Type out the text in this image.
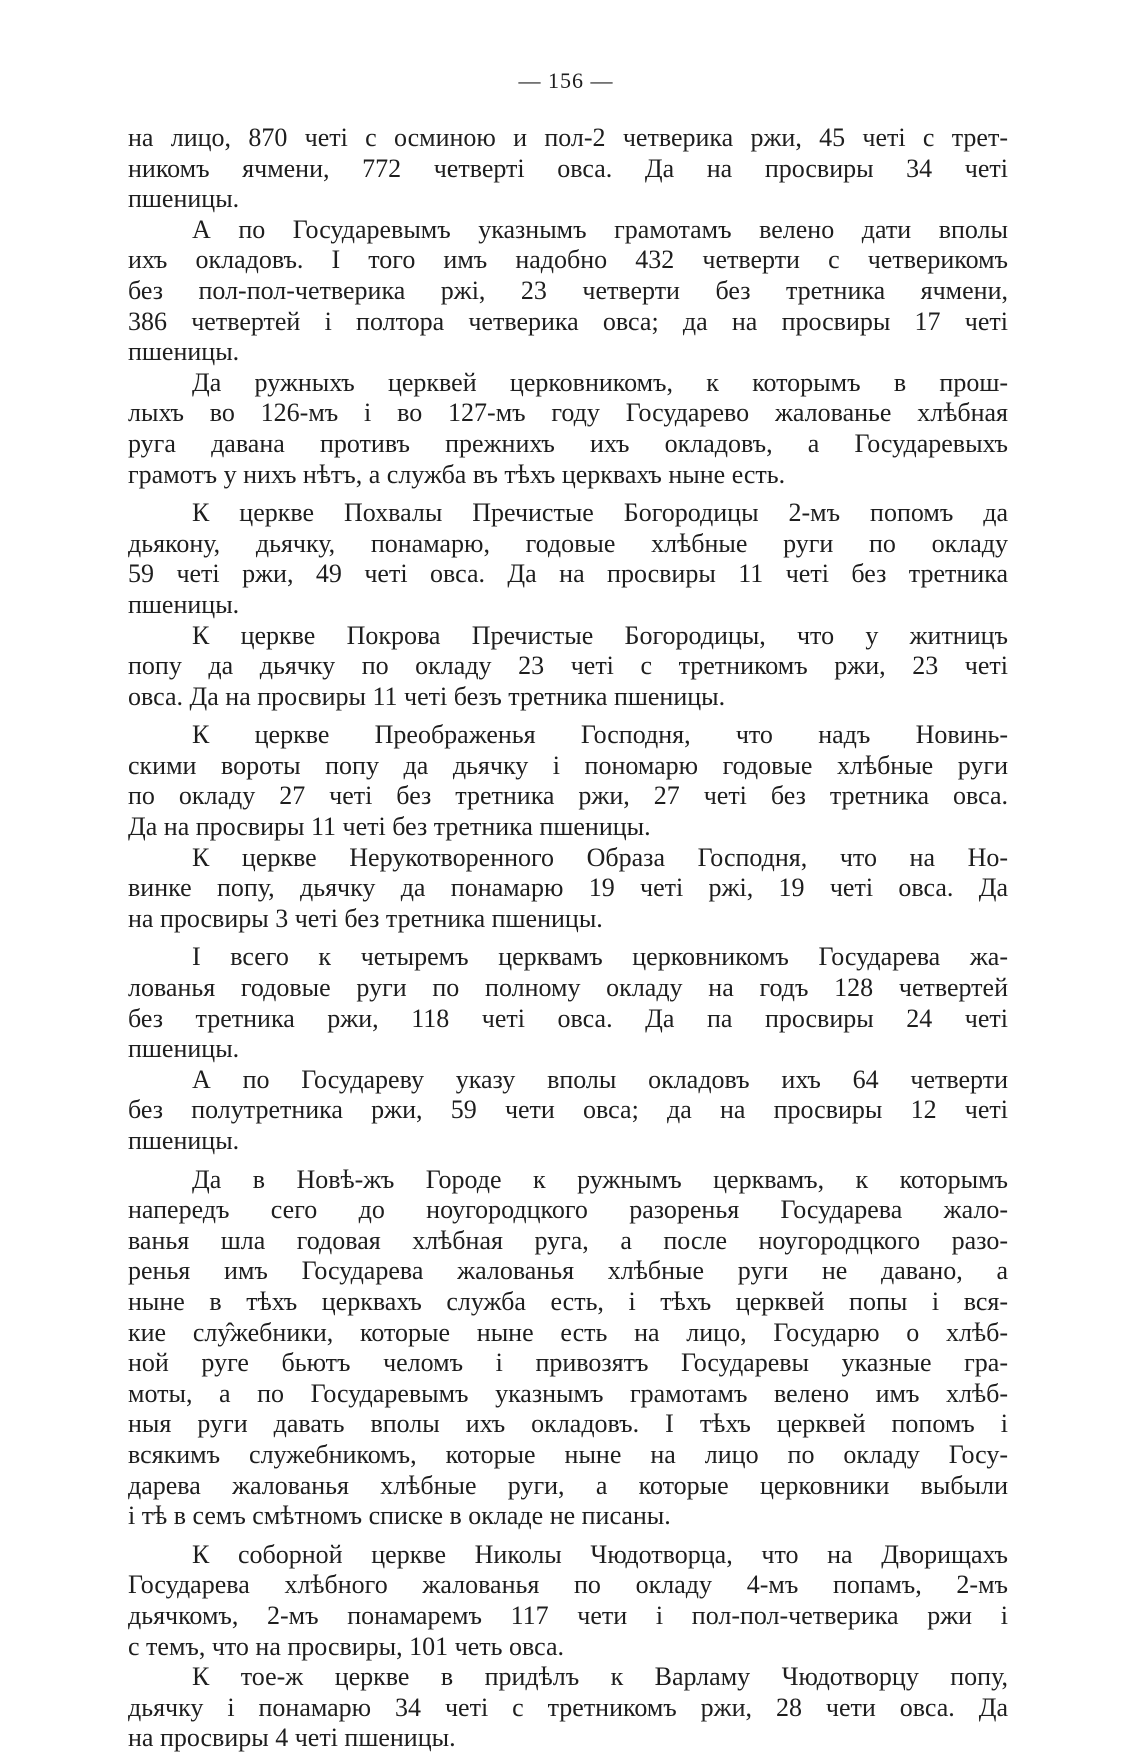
— 156 —
на лицо, 870 четі с осминою и пол-2 четверика ржи, 45 четі с трет-
никомъ ячмени, 772 четверті овса. Да на просвиры 34 четі
пшеницы.
А по Государевымъ указнымъ грамотамъ велено дати вполы
ихъ окладовъ. І того имъ надобно 432 четверти с четверикомъ
без пол-пол-четверика ржі, 23 четверти без третника ячмени,
386 четвертей і полтора четверика овса; да на просвиры 17 четі
пшеницы.
Да ружныхъ церквей церковникомъ, к которымъ в прош-
лыхъ во 126-мъ і во 127-мъ году Государево жалованье хлѣбная
руга давана противъ прежнихъ ихъ окладовъ, а Государевыхъ
грамотъ у нихъ нѣтъ, а служба въ тѣхъ церквахъ ныне есть.
К церкве Похвалы Пречистые Богородицы 2-мъ попомъ да
дьякону, дьячку, понамарю, годовые хлѣбные руги по окладу
59 четі ржи, 49 четі овса. Да на просвиры 11 четі без третника
пшеницы.
К церкве Покрова Пречистые Богородицы, что у житницъ
попу да дьячку по окладу 23 четі с третникомъ ржи, 23 четі
овса. Да на просвиры 11 четі безъ третника пшеницы.
К церкве Преображенья Господня, что надъ Новинь-
скими вороты попу да дьячку і пономарю годовые хлѣбные руги
по окладу 27 четі без третника ржи, 27 четі без третника овса.
Да на просвиры 11 четі без третника пшеницы.
К церкве Нерукотворенного Образа Господня, что на Но-
винке попу, дьячку да понамарю 19 четі ржі, 19 четі овса. Да
на просвиры 3 четі без третника пшеницы.
І всего к четыремъ церквамъ церковникомъ Государева жа-
лованья годовые руги по полному окладу на годъ 128 четвертей
без третника ржи, 118 четі овса. Да па просвиры 24 четі
пшеницы.
А по Государеву указу вполы окладовъ ихъ 64 четверти
без полутретника ржи, 59 чети овса; да на просвиры 12 четі
пшеницы.
Да в Новѣ-жъ Городе к ружнымъ церквамъ, к которымъ
напередъ сего до ноугородцкого разоренья Государева жало-
ванья шла годовая хлѣбная руга, а после ноугородцкого разо-
ренья имъ Государева жалованья хлѣбные руги не давано, а
ныне в тѣхъ церквахъ служба есть, і тѣхъ церквей попы і вся-
кие слу̂жебники, которые ныне есть на лицо, Государю о хлѣб-
ной руге бьютъ челомъ і привозятъ Государевы указные гра-
моты, а по Государевымъ указнымъ грамотамъ велено имъ хлѣб-
ныя руги давать вполы ихъ окладовъ. І тѣхъ церквей попомъ і
всякимъ служебникомъ, которые ныне на лицо по окладу Госу-
дарева жалованья хлѣбные руги, а которые церковники выбыли
і тѣ в семъ смѣтномъ списке в окладе не писаны.
К соборной церкве Николы Чюдотворца, что на Дворищахъ
Государева хлѣбного жалованья по окладу 4-мъ попамъ, 2-мъ
дьячкомъ, 2-мъ понамаремъ 117 чети і пол-пол-четверика ржи і
с темъ, что на просвиры, 101 четь овса.
К тое-ж церкве в придѣлъ к Варламу Чюдотворцу попу,
дьячку і понамарю 34 четі с третникомъ ржи, 28 чети овса. Да
на просвиры 4 четі пшеницы.
